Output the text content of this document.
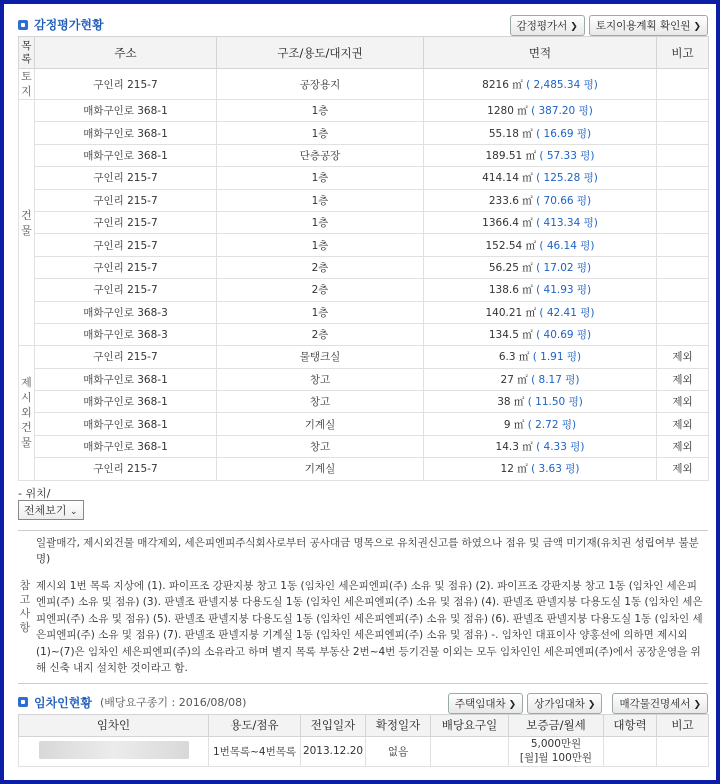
감정평가현황	감정평가서 ❯	토지이용계획 확인원 ❯
목
록	주소	구조/용도/대지권	면적	비고
토
지	구인리 215-7	공장용지	8216 ㎡ ( 2,485.34 평)	
건
물	매화구인로 368-1	1층	1280 ㎡ ( 387.20 평)	
	매화구인로 368-1	1층	55.18 ㎡ ( 16.69 평)	
	매화구인로 368-1	단층공장	189.51 ㎡ ( 57.33 평)	
	구인리 215-7	1층	414.14 ㎡ ( 125.28 평)	
	구인리 215-7	1층	233.6 ㎡ ( 70.66 평)	
	구인리 215-7	1층	1366.4 ㎡ ( 413.34 평)	
	구인리 215-7	1층	152.54 ㎡ ( 46.14 평)	
	구인리 215-7	2층	56.25 ㎡ ( 17.02 평)	
	구인리 215-7	2층	138.6 ㎡ ( 41.93 평)	
	매화구인로 368-3	1층	140.21 ㎡ ( 42.41 평)	
	매화구인로 368-3	2층	134.5 ㎡ ( 40.69 평)	
제
시
외
건
물	구인리 215-7	물탱크실	6.3 ㎡ ( 1.91 평)	제외
	매화구인로 368-1	창고	27 ㎡ ( 8.17 평)	제외
	매화구인로 368-1	창고	38 ㎡ ( 11.50 평)	제외
	매화구인로 368-1	기계실	9 ㎡ ( 2.72 평)	제외
	매화구인로 368-1	창고	14.3 ㎡ ( 4.33 평)	제외
	구인리 215-7	기계실	12 ㎡ ( 3.63 평)	제외
- 위치/
전체보기 ⌄
참
고
사
항

일괄매각, 제시외건물 매각제외, 세은피엔피주식회사로부터 공사대금 명목으로 유치권신고를 하였으나 점유 및 금액 미기재(유치권 성립여부 불분명)

제시외 1번 목록 지상에 (1). 파이프조 강판지붕 창고 1동 (임차인 세은피엔피(주) 소유 및 점유) (2). 파이프조 강판지붕 창고 1동 (임차인 세은피엔피(주) 소유 및 점유) (3). 판넬조 판넬지붕 다용도실 1동 (임차인 세은피엔피(주) 소유 및 점유) (4). 판넬조 판넬지붕 다용도실 1동 (임차인 세은피엔피(주) 소유 및 점유) (5). 판넬조 판넬지붕 다용도실 1동 (임차인 세은피엔피(주) 소유 및 점유) (6). 판넬조 판넬지붕 다용도실 1동 (임차인 세은피엔피(주) 소유 및 점유) (7). 판넬조 판넬지붕 기계실 1동 (임차인 세은피엔피(주) 소유 및 점유) -. 임차인 대표이사 양홍선에 의하면 제시외(1)~(7)은 임차인 세은피엔피(주)의 소유라고 하며 별지 목록 부동산 2번~4번 등기건물 이외는 모두 임차인인 세은피엔피(주)에서 공장운영을 위해 신축 내지 설치한 것이라고 함.

임차인현황 (배당요구종기 : 2016/08/08)	주택임대차 ❯	상가임대차 ❯	매각물건명세서 ❯
임차인	용도/점유	전입일자	확정일자	배당요구일	보증금/월세	대항력	비고
	1번목록~4번목록	2013.12.20	없음		5,000만원
[월]월 100만원		
